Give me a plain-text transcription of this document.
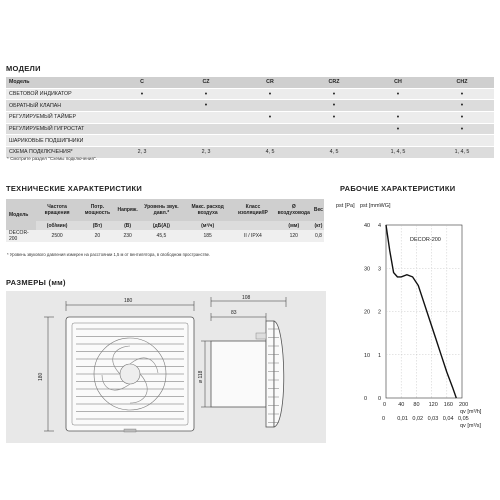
МОДЕЛИ
Модель	C	CZ	CR	CRZ	CH	CHZ
СВЕТОВОЙ ИНДИКАТОР	•	•	•	•	•	•
ОБРАТНЫЙ КЛАПАН		•		•		•
РЕГУЛИРУЕМЫЙ ТАЙМЕР			•	•	•	•
РЕГУЛИРУЕМЫЙ ГИГРОСТАТ					•	•
ШАРИКОВЫЕ ПОДШИПНИКИ						
СХЕМА ПОДКЛЮЧЕНИЯ*	2, 3	2, 3	4, 5	4, 5	1, 4, 5	1, 4, 5
* Смотрите раздел "Схемы подключения".
ТЕХНИЧЕСКИЕ ХАРАКТЕРИСТИКИ
Модель	Частота вращения	Потр. мощность	Напряж.	Уровень звук. давл.*	Макс. расход воздуха	Класс изоляции/IP	Ø воздуховода	Вес
	(об/мин)	(Вт)	(В)	(дБ(А))	(м³/ч)		(мм)	(кг)
DECOR-200	2500	20	230	45,5	185	II / IPX4	120	0,8
* Уровень звукового давления измерен на расстоянии 1,5 м от вентилятора, в свободном пространстве.
РАЗМЕРЫ (мм)
180
180
108
83
ø 118
РАБОЧИЕ ХАРАКТЕРИСТИКИ
0 0
10 1
20 2
30 3
40 4
0
0
40
0,01
80
0,02
120
0,03
160
0,04
200
0,05
DECOR-200
pst [Pa] pst [mmWG]
qv [m³/h]
qv [m³/s]
